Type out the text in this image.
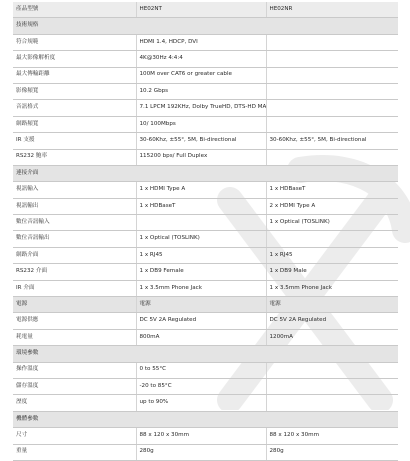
產品型號	HE02NT	HE02NR
技術規格		
符合規範	HDMI 1.4, HDCP, DVI	
最大影像解析度	4K@30Hz 4:4:4	
最大傳輸距離	100M over CAT6 or greater cable	
影像頻寬	10.2 Gbps	
音訊格式	7.1 LPCM 192KHz, Dolby TrueHD, DTS-HD MA	
網路頻寬	10/ 100Mbps	
IR 支援	30-60Khz, ±55°, 5M, Bi-directional	30-60Khz, ±55°, 5M, Bi-directional
RS232 鮑率	115200 bps/ Full Duplex	
連接介面		
視訊輸入	1 x HDMI Type A	1 x HDBaseT
視訊輸出	1 x HDBaseT	2 x HDMI Type A
數位音訊輸入		1 x Optical (TOSLINK)
數位音訊輸出	1 x Optical (TOSLINK)	
網路介面	1 x RJ45	1 x RJ45
RS232 介面	1 x DB9 Female	1 x DB9 Male
IR 介面	1 x 3.5mm Phone Jack	1 x 3.5mm Phone Jack
電源	電源	電源
電源供應	DC 5V 2A Regulated	DC 5V 2A Regulated
耗電量	800mA	1200mA
環境參數		
操作溫度	0 to 55°C	
儲存溫度	-20 to 85°C	
溼度	up to 90%	
機體參數		
尺寸	88 x 120 x 30mm	88 x 120 x 30mm
重量	280g	280g
